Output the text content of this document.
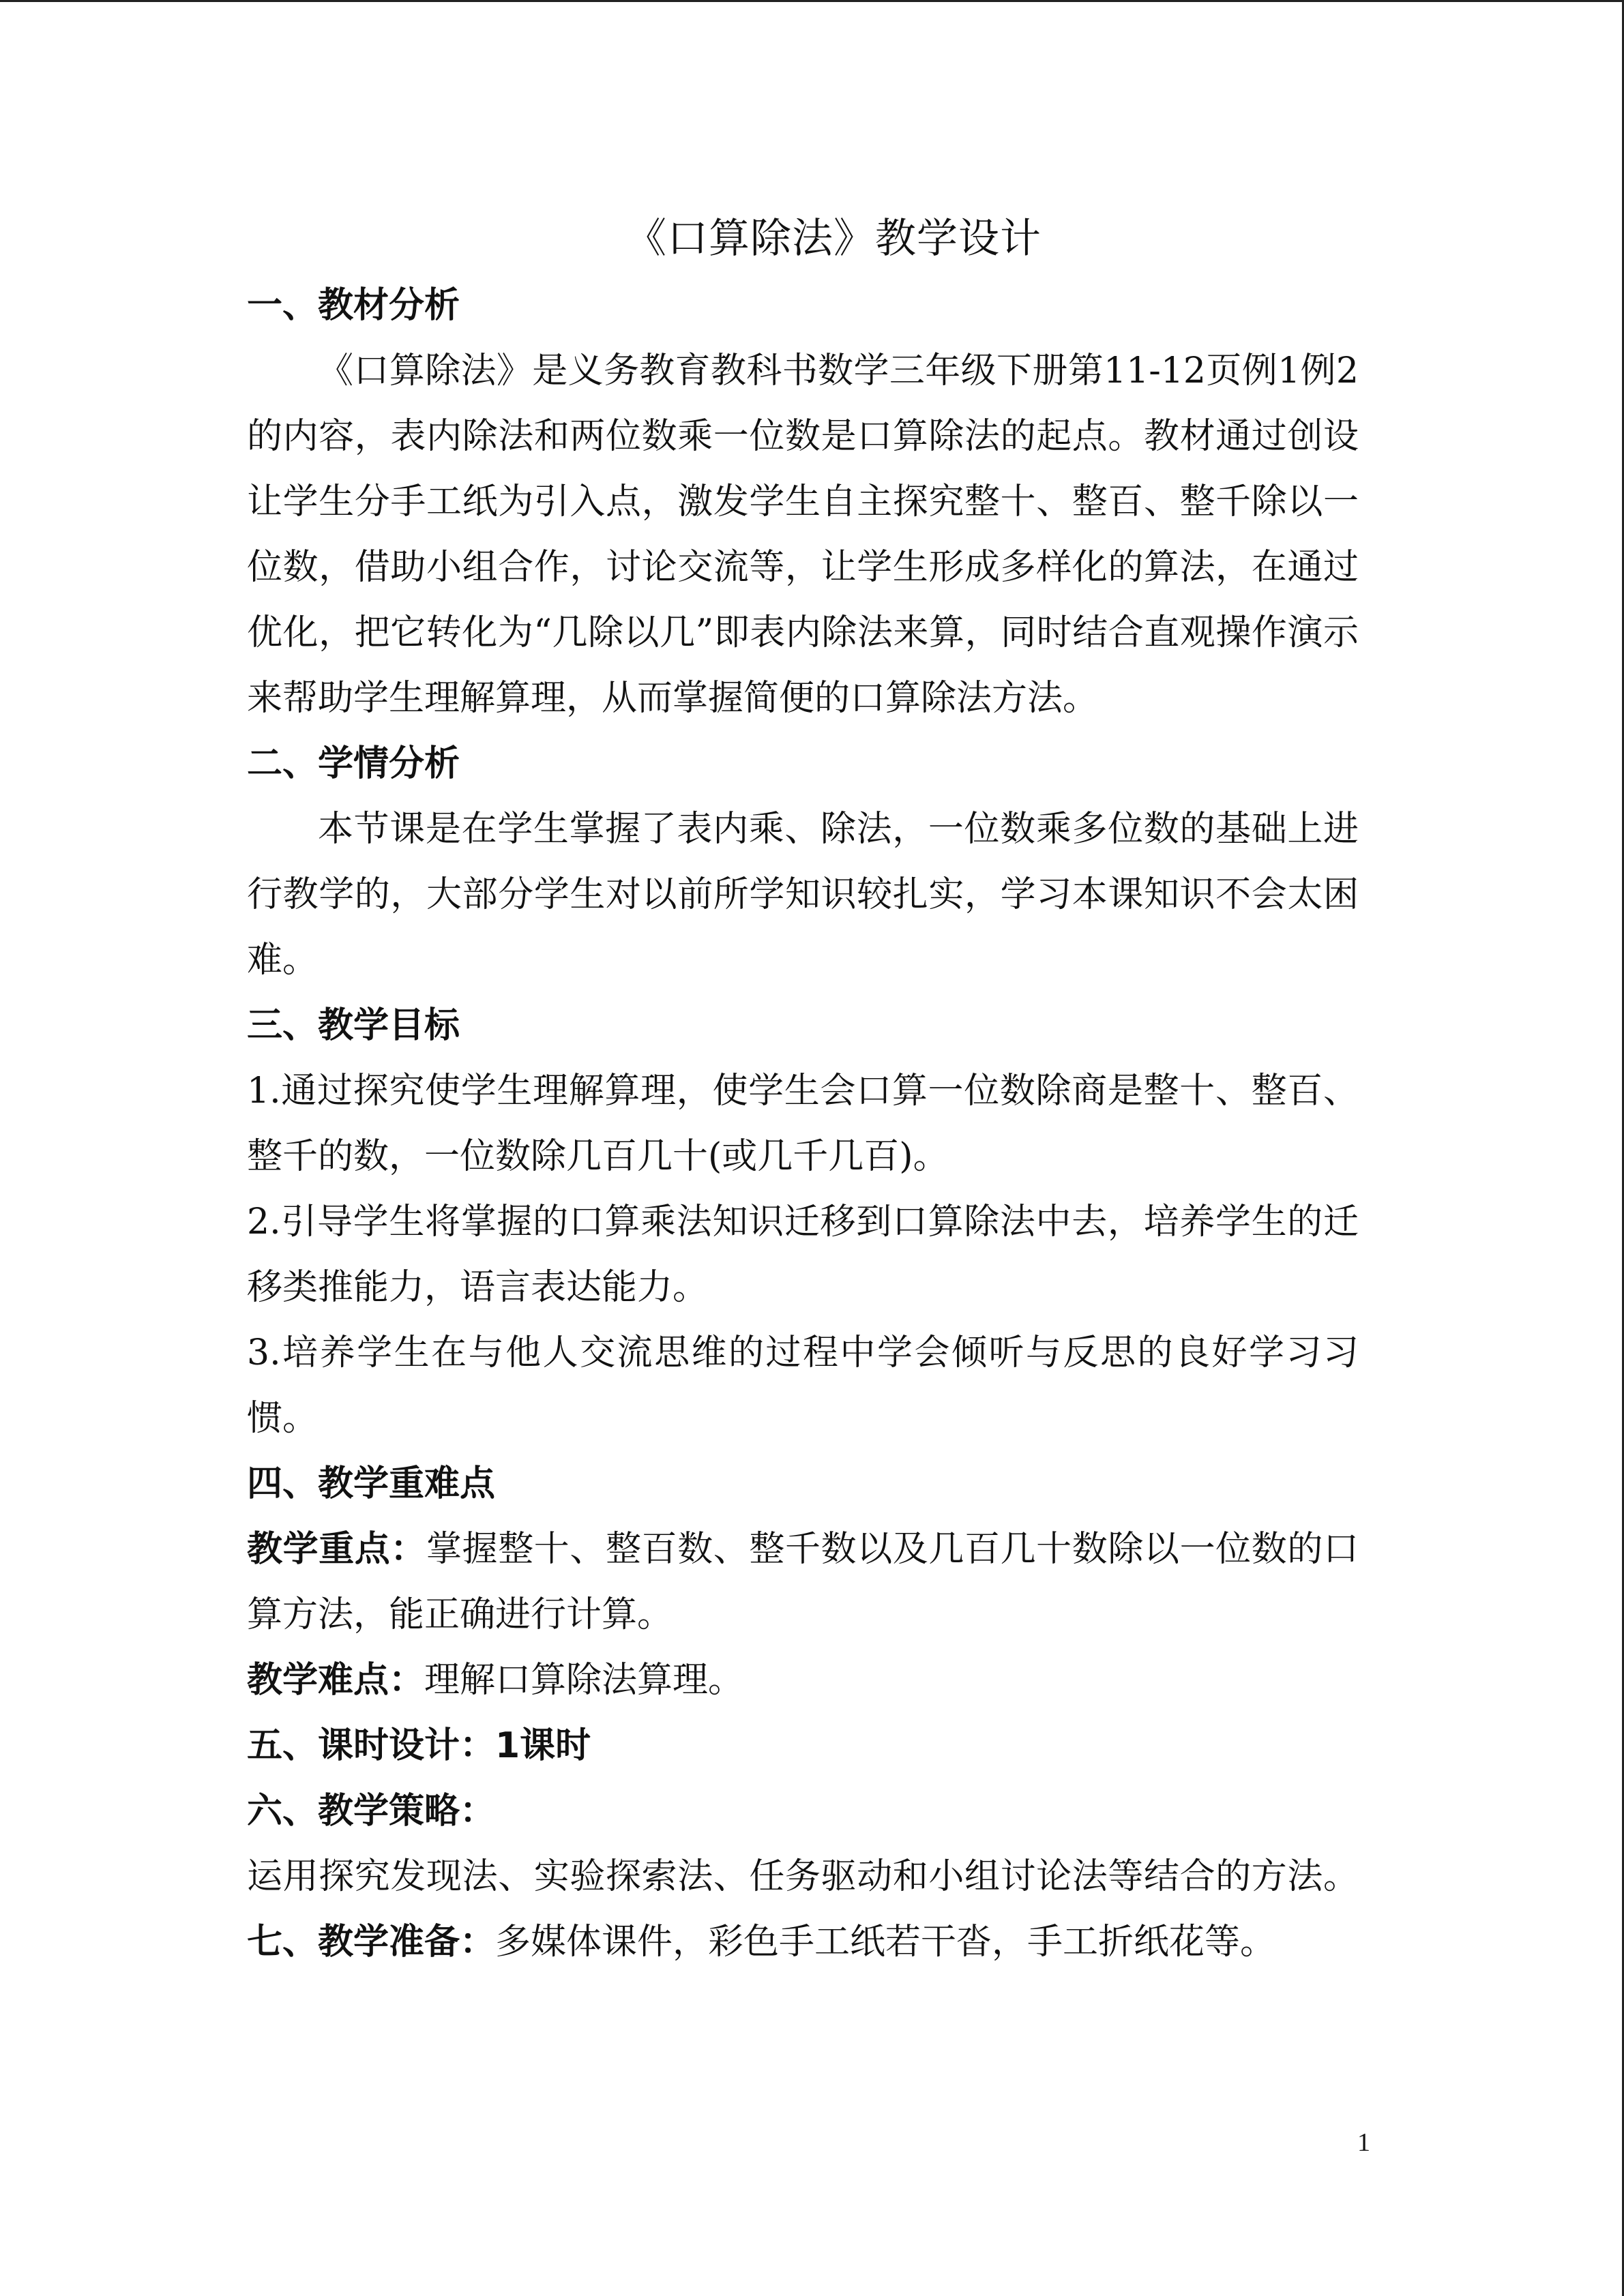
《口算除法》教学设计

一、教材分析

《口算除法》是义务教育教科书数学三年级下册第11-12页例1例2的内容，表内除法和两位数乘一位数是口算除法的起点。教材通过创设让学生分手工纸为引入点，激发学生自主探究整十、整百、整千除以一位数，借助小组合作，讨论交流等，让学生形成多样化的算法，在通过优化，把它转化为“几除以几”即表内除法来算，同时结合直观操作演示来帮助学生理解算理，从而掌握简便的口算除法方法。

二、学情分析

本节课是在学生掌握了表内乘、除法，一位数乘多位数的基础上进行教学的，大部分学生对以前所学知识较扎实，学习本课知识不会太困难。

三、教学目标

1.通过探究使学生理解算理，使学生会口算一位数除商是整十、整百、整千的数，一位数除几百几十(或几千几百)。

2.引导学生将掌握的口算乘法知识迁移到口算除法中去，培养学生的迁移类推能力，语言表达能力。

3.培养学生在与他人交流思维的过程中学会倾听与反思的良好学习习惯。

四、教学重难点

教学重点：掌握整十、整百数、整千数以及几百几十数除以一位数的口算方法，能正确进行计算。

教学难点：理解口算除法算理。

五、课时设计：1课时

六、教学策略：

运用探究发现法、实验探索法、任务驱动和小组讨论法等结合的方法。七、教学准备：多媒体课件，彩色手工纸若干沓，手工折纸花等。

1
